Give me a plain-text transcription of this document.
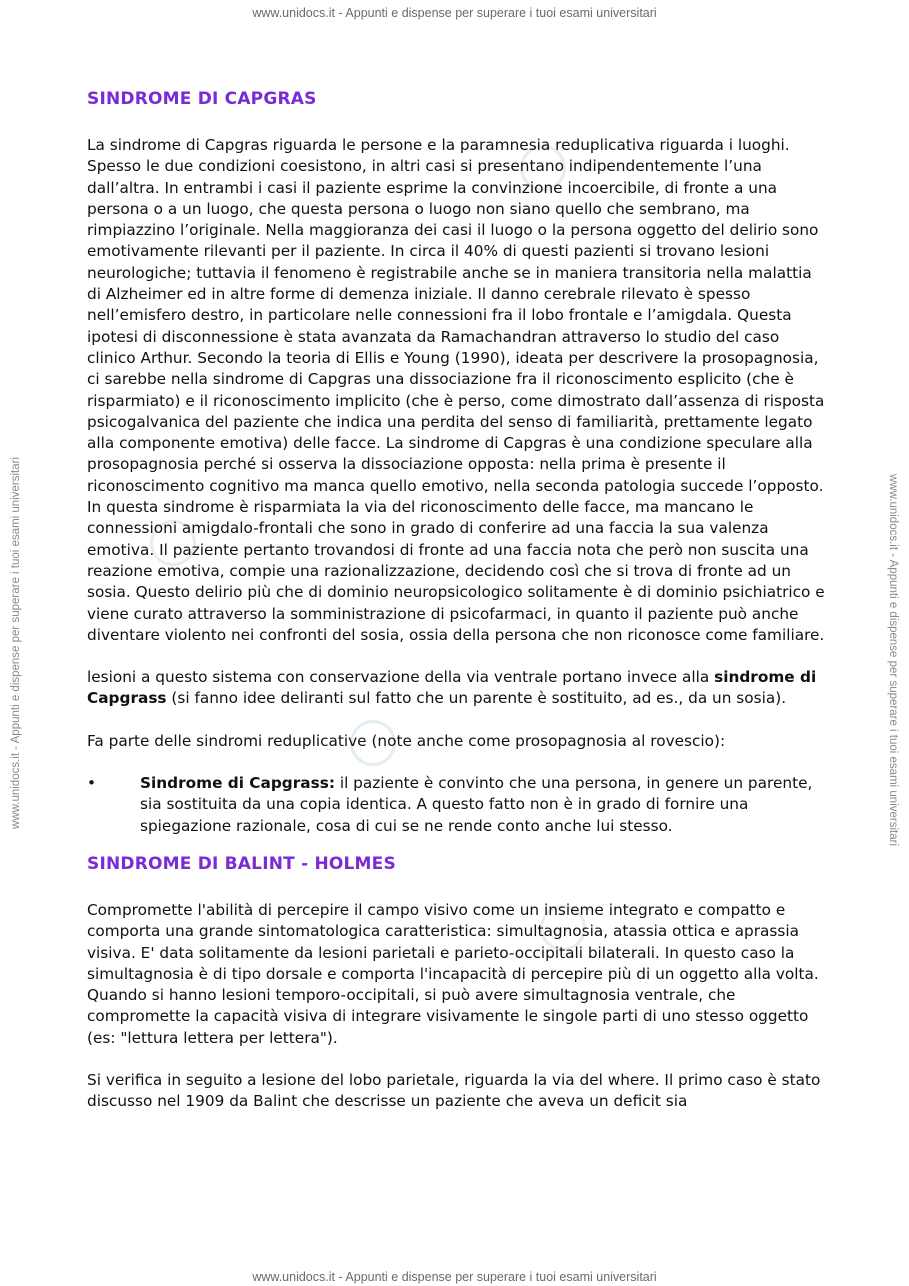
www.unidocs.it - Appunti e dispense per superare i tuoi esami universitari
www.unidocs.it - Appunti e dispense per superare i tuoi esami universitari	www.unidocs.it - Appunti e dispense per superare i tuoi esami universitari
SINDROME DI CAPGRAS

La sindrome di Capgras riguarda le persone e la paramnesia reduplicativa riguarda i luoghi. Spesso le due condizioni coesistono, in altri casi si presentano indipendentemente l’una dall’altra. In entrambi i casi il paziente esprime la convinzione incoercibile, di fronte a una persona o a un luogo, che questa persona o luogo non siano quello che sembrano, ma rimpiazzino l’originale. Nella maggioranza dei casi il luogo o la persona oggetto del delirio sono emotivamente rilevanti per il paziente. In circa il 40% di questi pazienti si trovano lesioni neurologiche; tuttavia il fenomeno è registrabile anche se in maniera transitoria nella malattia di Alzheimer ed in altre forme di demenza iniziale. Il danno cerebrale rilevato è spesso nell’emisfero destro, in particolare nelle connessioni fra il lobo frontale e l’amigdala. Questa ipotesi di disconnessione è stata avanzata da Ramachandran attraverso lo studio del caso clinico Arthur. Secondo la teoria di Ellis e Young (1990), ideata per descrivere la prosopagnosia, ci sarebbe nella sindrome di Capgras una dissociazione fra il riconoscimento esplicito (che è risparmiato) e il riconoscimento implicito (che è perso, come dimostrato dall’assenza di risposta psicogalvanica del paziente che indica una perdita del senso di familiarità, prettamente legato alla componente emotiva) delle facce. La sindrome di Capgras è una condizione speculare alla prosopagnosia perché si osserva la dissociazione opposta: nella prima è presente il riconoscimento cognitivo ma manca quello emotivo, nella seconda patologia succede l’opposto. In questa sindrome è risparmiata la via del riconoscimento delle facce, ma mancano le connessioni amigdalo-frontali che sono in grado di conferire ad una faccia la sua valenza emotiva. Il paziente pertanto trovandosi di fronte ad una faccia nota che però non suscita una reazione emotiva, compie una razionalizzazione, decidendo così che si trova di fronte ad un sosia. Questo delirio più che di dominio neuropsicologico solitamente è di dominio psichiatrico e viene curato attraverso la somministrazione di psicofarmaci, in quanto il paziente può anche diventare violento nei confronti del sosia, ossia della persona che non riconosce come familiare.

lesioni a questo sistema con conservazione della via ventrale portano invece alla sindrome di Capgrass (si fanno idee deliranti sul fatto che un parente è sostituito, ad es., da un sosia).

Fa parte delle sindromi reduplicative (note anche come prosopagnosia al rovescio):

•	Sindrome di Capgrass: il paziente è convinto che una persona, in genere un parente, sia sostituita da una copia identica. A questo fatto non è in grado di fornire una spiegazione razionale, cosa di cui se ne rende conto anche lui stesso.

SINDROME DI BALINT - HOLMES

Compromette l'abilità di percepire il campo visivo come un insieme integrato e compatto e comporta una grande sintomatologica caratteristica: simultagnosia, atassia ottica e aprassia visiva. E' data solitamente da lesioni parietali e parieto-occipitali bilaterali. In questo caso la simultagnosia è di tipo dorsale e comporta l'incapacità di percepire più di un oggetto alla volta. Quando si hanno lesioni temporo-occipitali, si può avere simultagnosia ventrale, che compromette la capacità visiva di integrare visivamente le singole parti di uno stesso oggetto (es: "lettura lettera per lettera").

Si verifica in seguito a lesione del lobo parietale, riguarda la via del where. Il primo caso è stato discusso nel 1909 da Balint che descrisse un paziente che aveva un deficit sia

www.unidocs.it - Appunti e dispense per superare i tuoi esami universitari
